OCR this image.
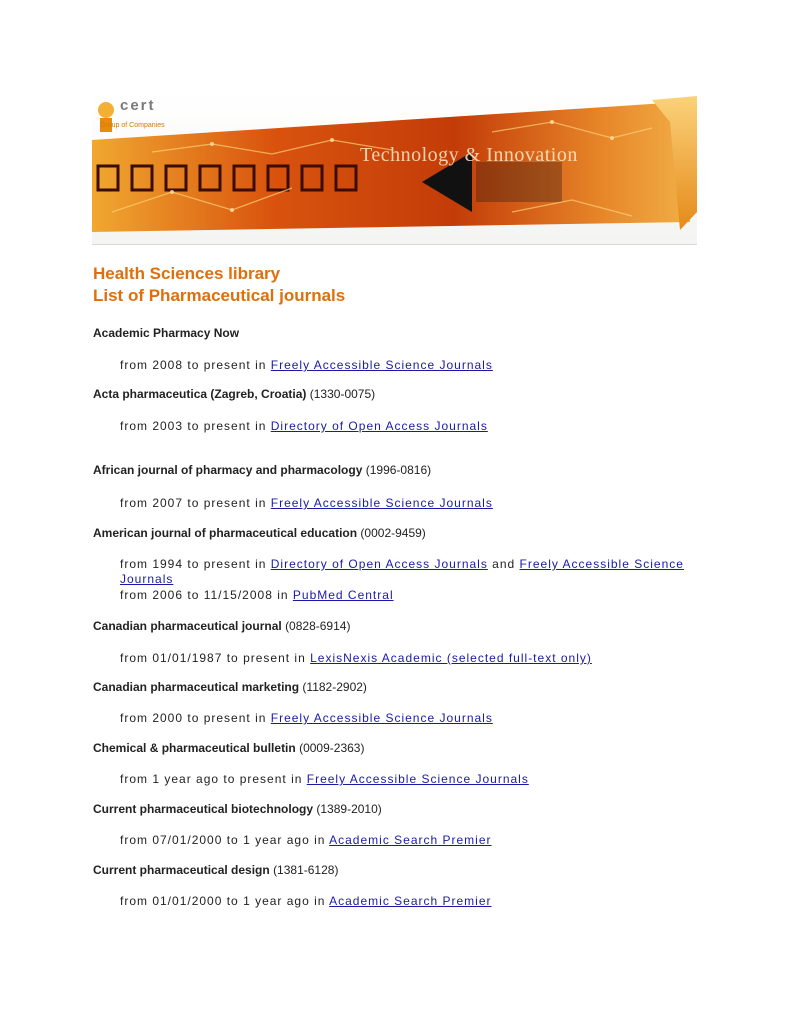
cert
Group of Companies
Technology & Innovation
Health Sciences library
List of Pharmaceutical journals
Academic Pharmacy Now
from 2008 to present in Freely Accessible Science Journals
Acta pharmaceutica (Zagreb, Croatia) (1330-0075)
from 2003 to present in Directory of Open Access Journals
African journal of pharmacy and pharmacology (1996-0816)
from 2007 to present in Freely Accessible Science Journals
American journal of pharmaceutical education (0002-9459)
from 1994 to present in Directory of Open Access Journals and Freely Accessible Science Journals
from 2006 to 11/15/2008 in PubMed Central
Canadian pharmaceutical journal (0828-6914)
from 01/01/1987 to present in LexisNexis Academic (selected full-text only)
Canadian pharmaceutical marketing (1182-2902)
from 2000 to present in Freely Accessible Science Journals
Chemical & pharmaceutical bulletin (0009-2363)
from 1 year ago to present in Freely Accessible Science Journals
Current pharmaceutical biotechnology (1389-2010)
from 07/01/2000 to 1 year ago in Academic Search Premier
Current pharmaceutical design (1381-6128)
from 01/01/2000 to 1 year ago in Academic Search Premier
